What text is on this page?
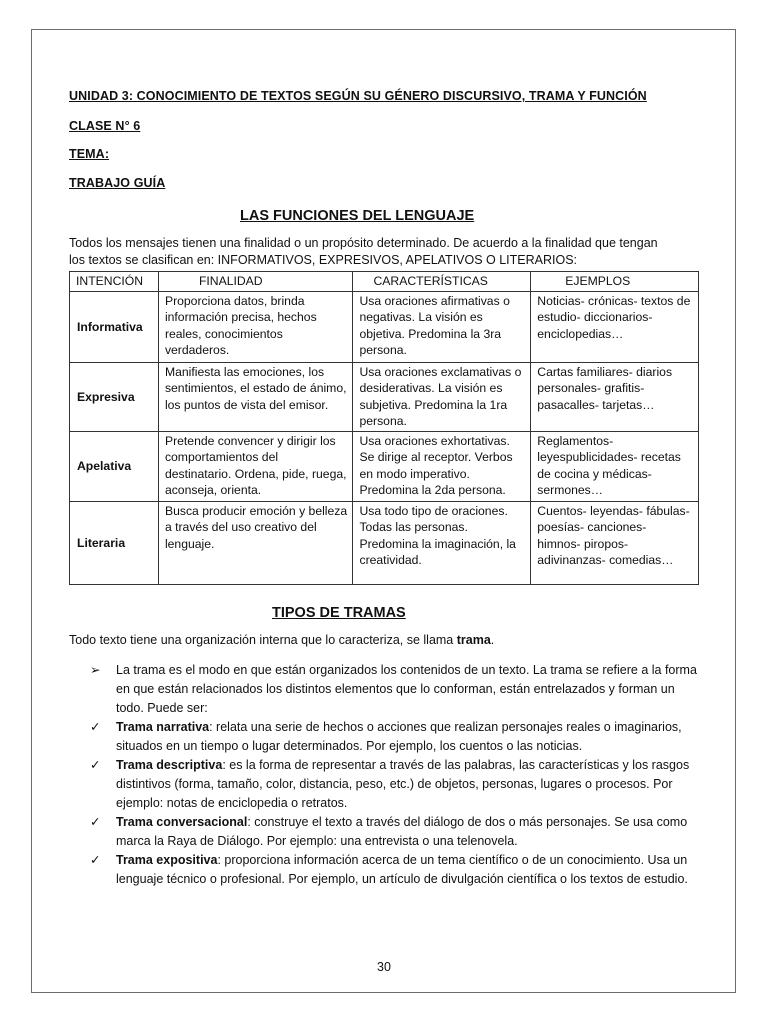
UNIDAD 3: CONOCIMIENTO DE TEXTOS SEGÚN SU GÉNERO DISCURSIVO, TRAMA Y FUNCIÓN
CLASE N° 6
TEMA:
TRABAJO GUÍA
LAS FUNCIONES DEL LENGUAJE
Todos los mensajes tienen una finalidad o un propósito determinado. De acuerdo a la finalidad que tengan
los textos se clasifican en: INFORMATIVOS, EXPRESIVOS, APELATIVOS O LITERARIOS:
INTENCIÓN	FINALIDAD	CARACTERÍSTICAS	EJEMPLOS
Informativa	Proporciona datos, brinda información precisa, hechos reales, conocimientos verdaderos.	Usa oraciones afirmativas o negativas. La visión es objetiva. Predomina la 3ra persona.	Noticias- crónicas- textos de estudio- diccionarios- enciclopedias…
Expresiva	Manifiesta las emociones, los sentimientos, el estado de ánimo, los puntos de vista del emisor.	Usa oraciones exclamativas o desiderativas. La visión es subjetiva. Predomina la 1ra persona.	Cartas familiares- diarios personales- grafitis- pasacalles- tarjetas…
Apelativa	Pretende convencer y dirigir los comportamientos del destinatario. Ordena, pide, ruega, aconseja, orienta.	Usa oraciones exhortativas. Se dirige al receptor. Verbos en modo imperativo. Predomina la 2da persona.	Reglamentos- leyespublicidades- recetas de cocina y médicas- sermones…
Literaria	Busca producir emoción y belleza a través del uso creativo del lenguaje.	Usa todo tipo de oraciones. Todas las personas. Predomina la imaginación, la creatividad.	Cuentos- leyendas- fábulas- poesías- canciones- himnos- piropos- adivinanzas- comedias…
TIPOS DE TRAMAS
Todo texto tiene una organización interna que lo caracteriza, se llama trama.
➢	La trama es el modo en que están organizados los contenidos de un texto. La trama se refiere a la forma en que están relacionados los distintos elementos que lo conforman, están entrelazados y forman un todo. Puede ser:
✓	Trama narrativa: relata una serie de hechos o acciones que realizan personajes reales o imaginarios, situados en un tiempo o lugar determinados. Por ejemplo, los cuentos o las noticias.
✓	Trama descriptiva: es la forma de representar a través de las palabras, las características y los rasgos distintivos (forma, tamaño, color, distancia, peso, etc.) de objetos, personas, lugares o procesos. Por ejemplo: notas de enciclopedia o retratos.
✓	Trama conversacional: construye el texto a través del diálogo de dos o más personajes. Se usa como marca la Raya de Diálogo. Por ejemplo: una entrevista o una telenovela.
✓	Trama expositiva: proporciona información acerca de un tema científico o de un conocimiento. Usa un lenguaje técnico o profesional. Por ejemplo, un artículo de divulgación científica o los textos de estudio.
30
